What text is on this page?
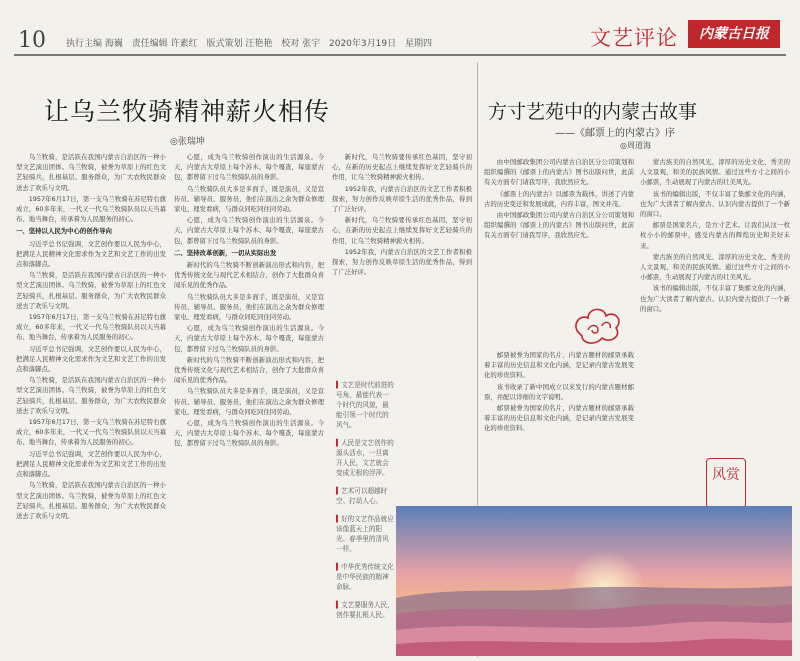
10 执行主编 海巍 责任编辑 许素红 版式策划 汪艳艳 校对 张宇 2020年3月19日 星期四	文艺评论	内蒙古日报
让乌兰牧骑精神薪火相传
◎张瑞坤

乌兰牧骑，是活跃在我国内蒙古自治区的一种小型文艺演出团体。乌兰牧骑，被誉为草原上的红色文艺轻骑兵，扎根基层、服务群众，为广大农牧民群众送去了欢乐与文明。

1957年6月17日，第一支乌兰牧骑在苏尼特右旗成立，60多年来，一代又一代乌兰牧骑队员以天当幕布、地当舞台，传承着为人民服务的初心。

一、坚持以人民为中心的创作导向

习近平总书记强调，文艺创作要以人民为中心，把满足人民精神文化需求作为文艺和文艺工作的出发点和落脚点。

乌兰牧骑，是活跃在我国内蒙古自治区的一种小型文艺演出团体。乌兰牧骑，被誉为草原上的红色文艺轻骑兵，扎根基层、服务群众，为广大农牧民群众送去了欢乐与文明。

1957年6月17日，第一支乌兰牧骑在苏尼特右旗成立，60多年来，一代又一代乌兰牧骑队员以天当幕布、地当舞台，传承着为人民服务的初心。

习近平总书记强调，文艺创作要以人民为中心，把满足人民精神文化需求作为文艺和文艺工作的出发点和落脚点。

乌兰牧骑，是活跃在我国内蒙古自治区的一种小型文艺演出团体。乌兰牧骑，被誉为草原上的红色文艺轻骑兵，扎根基层、服务群众，为广大农牧民群众送去了欢乐与文明。

1957年6月17日，第一支乌兰牧骑在苏尼特右旗成立，60多年来，一代又一代乌兰牧骑队员以天当幕布、地当舞台，传承着为人民服务的初心。

习近平总书记强调，文艺创作要以人民为中心，把满足人民精神文化需求作为文艺和文艺工作的出发点和落脚点。

乌兰牧骑，是活跃在我国内蒙古自治区的一种小型文艺演出团体。乌兰牧骑，被誉为草原上的红色文艺轻骑兵，扎根基层、服务群众，为广大农牧民群众送去了欢乐与文明。

心愿，成为乌兰牧骑创作演出的生活源泉。今天，内蒙古大草原上每个苏木、每个嘎查，每座蒙古包，都曾留下过乌兰牧骑队员的身影。

乌兰牧骑队员大多是多面手，既是演员，又是宣传员、辅导员、服务员，他们在演出之余为群众修理家电、理发看病，与群众同吃同住同劳动。

心愿，成为乌兰牧骑创作演出的生活源泉。今天，内蒙古大草原上每个苏木、每个嘎查，每座蒙古包，都曾留下过乌兰牧骑队员的身影。

二、坚持改革创新，一切从实际出发

新时代的乌兰牧骑不断创新演出形式和内容，把优秀传统文化与现代艺术相结合，创作了大批群众喜闻乐见的优秀作品。

乌兰牧骑队员大多是多面手，既是演员，又是宣传员、辅导员、服务员，他们在演出之余为群众修理家电、理发看病，与群众同吃同住同劳动。

心愿，成为乌兰牧骑创作演出的生活源泉。今天，内蒙古大草原上每个苏木、每个嘎查，每座蒙古包，都曾留下过乌兰牧骑队员的身影。

新时代的乌兰牧骑不断创新演出形式和内容，把优秀传统文化与现代艺术相结合，创作了大批群众喜闻乐见的优秀作品。

乌兰牧骑队员大多是多面手，既是演员，又是宣传员、辅导员、服务员，他们在演出之余为群众修理家电、理发看病，与群众同吃同住同劳动。

心愿，成为乌兰牧骑创作演出的生活源泉。今天，内蒙古大草原上每个苏木、每个嘎查，每座蒙古包，都曾留下过乌兰牧骑队员的身影。

新时代，乌兰牧骑要传承红色基因，坚守初心，在新的历史起点上继续发挥好文艺轻骑兵的作用，让乌兰牧骑精神薪火相传。

1952年我，内蒙古自治区的文艺工作者积极探索，努力创作反映草原生活的优秀作品，得到了广泛好评。

新时代，乌兰牧骑要传承红色基因，坚守初心，在新的历史起点上继续发挥好文艺轻骑兵的作用，让乌兰牧骑精神薪火相传。

1952年我，内蒙古自治区的文艺工作者积极探索，努力创作反映草原生活的优秀作品，得到了广泛好评。

▍文艺是时代前进的号角，最能代表一个时代的风貌，最能引领一个时代的风气。
▍人民是文艺创作的源头活水，一旦离开人民，文艺就会变成无根的浮萍。
▍艺术可以超越时空、打动人心。
▍好的文艺作品就应该像蓝天上的阳光、春季里的清风一样。
▍中华优秀传统文化是中华民族的精神命脉。
▍文艺要服务人民，创作要扎根人民。
方寸艺苑中的内蒙古故事
——《邮票上的内蒙古》序
◎周道海

由中国邮政集团公司内蒙古自治区分公司策划和组织编撰的《邮票上的内蒙古》图书出版问世，此前有关方面专门请我写序，我欣然应允。

《邮票上的内蒙古》以邮票为载体，讲述了内蒙古的历史变迁和发展成就，内容丰富，图文并茂。

由中国邮政集团公司内蒙古自治区分公司策划和组织编撰的《邮票上的内蒙古》图书出版问世，此前有关方面专门请我写序，我欣然应允。

邮票被誉为国家的名片，内蒙古题材的邮票承载着丰富的历史信息和文化内涵，是记录内蒙古发展变化的珍贵资料。

该书收录了新中国成立以来发行的内蒙古题材邮票，并配以详细的文字说明。

邮票被誉为国家的名片，内蒙古题材的邮票承载着丰富的历史信息和文化内涵，是记录内蒙古发展变化的珍贵资料。

蒙古族美的自然风光、淳厚的历史文化、秀美的人文景观，和美的民族风情。通过这些方寸之间的小小邮票，生动展现了内蒙古的壮美风光。

该书的编辑出版，不仅丰富了集邮文化的内涵，也为广大读者了解内蒙古、认识内蒙古提供了一个新的窗口。

邮票是国家名片，是方寸艺术。让我们从这一枚枚小小的邮票中，感受内蒙古的辉煌历史和美好未来。

蒙古族美的自然风光、淳厚的历史文化、秀美的人文景观，和美的民族风情。通过这些方寸之间的小小邮票，生动展现了内蒙古的壮美风光。

该书的编辑出版，不仅丰富了集邮文化的内涵，也为广大读者了解内蒙古、认识内蒙古提供了一个新的窗口。

风赏
